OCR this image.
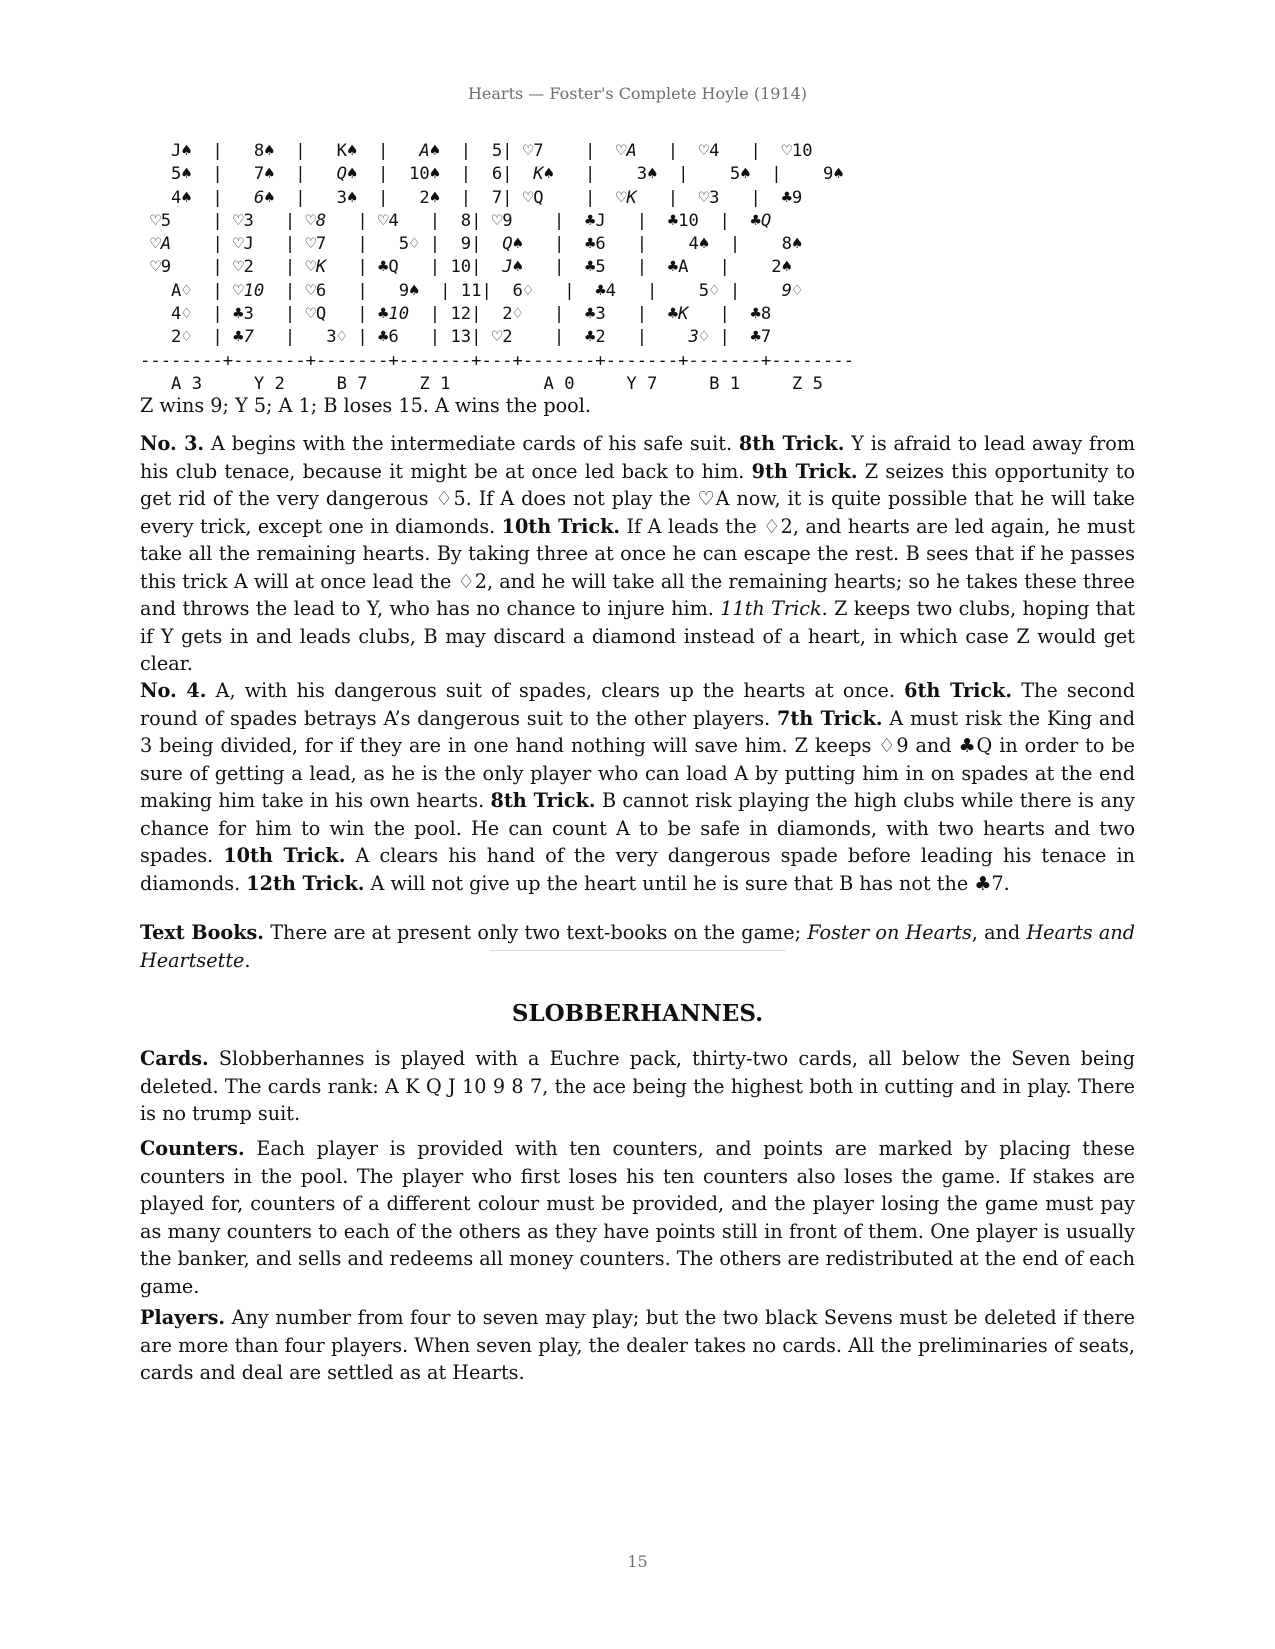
Hearts — Foster's Complete Hoyle (1914)
J♠  |   8♠  |   K♠  |   A♠  |  5| ♡7    |  ♡A   |  ♡4   |  ♡10
5♠  |   7♠  |   Q♠  |  10♠  |  6|  K♠   |    3♠  |    5♠  |    9♠
4♠  |   6♠  |   3♠  |   2♠  |  7| ♡Q    |  ♡K   |  ♡3   |  ♣9
♡5    | ♡3   | ♡8   | ♡4   |  8| ♡9    |  ♣J   |  ♣10  |  ♣Q
♡A    | ♡J   | ♡7   |   5♢ |  9|  Q♠   |  ♣6   |    4♠  |    8♠
♡9    | ♡2   | ♡K   | ♣Q   | 10|  J♠   |  ♣5   |  ♣A   |    2♠
A♢  | ♡10  | ♡6   |   9♠  | 11|  6♢   |  ♣4   |    5♢ |    9♢
4♢  | ♣3   | ♡Q   | ♣10  | 12|  2♢   |  ♣3   |  ♣K   |  ♣8
2♢  | ♣7   |   3♢ | ♣6   | 13| ♡2    |  ♣2   |    3♢ |  ♣7
--------+-------+-------+-------+---+-------+-------+-------+--------
A 3     Y 2     B 7     Z 1         A 0     Y 7     B 1     Z 5

Z wins 9; Y 5; A 1; B loses 15. A wins the pool.

No. 3. A begins with the intermediate cards of his safe suit. 8th Trick. Y is afraid to lead away from his club tenace, because it might be at once led back to him. 9th Trick. Z seizes this opportunity to get rid of the very dangerous ♢5. If A does not play the ♡A now, it is quite possible that he will take every trick, except one in diamonds. 10th Trick. If A leads the ♢2, and hearts are led again, he must take all the remaining hearts. By taking three at once he can escape the rest. B sees that if he passes this trick A will at once lead the ♢2, and he will take all the remaining hearts; so he takes these three and throws the lead to Y, who has no chance to injure him. 11th Trick. Z keeps two clubs, hoping that if Y gets in and leads clubs, B may discard a diamond instead of a heart, in which case Z would get clear.

No. 4. A, with his dangerous suit of spades, clears up the hearts at once. 6th Trick. The second round of spades betrays A’s dangerous suit to the other players. 7th Trick. A must risk the King and 3 being divided, for if they are in one hand nothing will save him. Z keeps ♢9 and ♣Q in order to be sure of getting a lead, as he is the only player who can load A by putting him in on spades at the end making him take in his own hearts. 8th Trick. B cannot risk playing the high clubs while there is any chance for him to win the pool. He can count A to be safe in diamonds, with two hearts and two spades. 10th Trick. A clears his hand of the very dangerous spade before leading his tenace in diamonds. 12th Trick. A will not give up the heart until he is sure that B has not the ♣7.

Text Books. There are at present only two text-books on the game; Foster on Hearts, and Hearts and Heartsette.

SLOBBERHANNES.

Cards. Slobberhannes is played with a Euchre pack, thirty-two cards, all below the Seven being deleted. The cards rank: A K Q J 10 9 8 7, the ace being the highest both in cutting and in play. There is no trump suit.

Counters. Each player is provided with ten counters, and points are marked by placing these counters in the pool. The player who first loses his ten counters also loses the game. If stakes are played for, counters of a different colour must be provided, and the player losing the game must pay as many counters to each of the others as they have points still in front of them. One player is usually the banker, and sells and redeems all money counters. The others are redistributed at the end of each game.

Players. Any number from four to seven may play; but the two black Sevens must be deleted if there are more than four players. When seven play, the dealer takes no cards. All the preliminaries of seats, cards and deal are settled as at Hearts.

15
